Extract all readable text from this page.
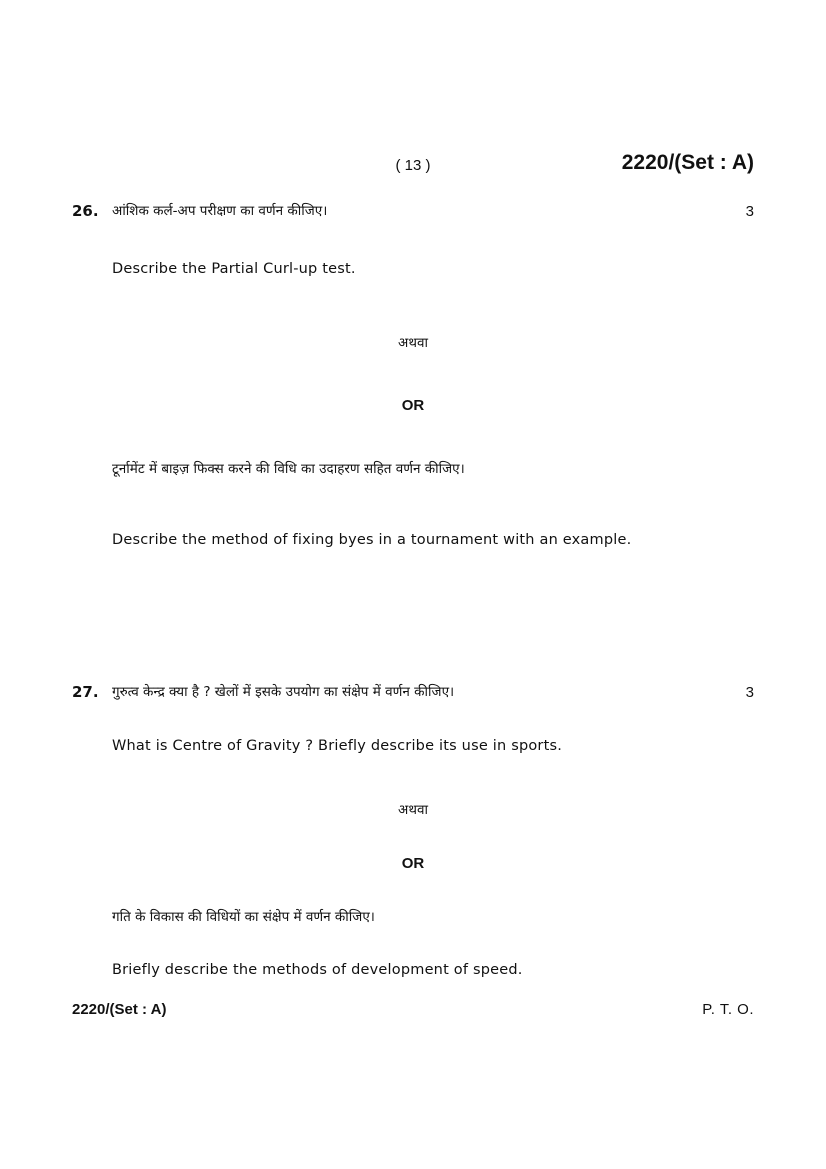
( 13 )	2220/(Set : A)
26. आंशिक कर्ल-अप परीक्षण का वर्णन कीजिए।	3
Describe the Partial Curl-up test.
अथवा
OR
टूर्नामेंट में बाइज़ फिक्स करने की विधि का उदाहरण सहित वर्णन कीजिए।
Describe the method of fixing byes in a tournament with an example.
27. गुरुत्व केन्द्र क्या है ? खेलों में इसके उपयोग का संक्षेप में वर्णन कीजिए।	3
What is Centre of Gravity ? Briefly describe its use in sports.
अथवा
OR
गति के विकास की विधियों का संक्षेप में वर्णन कीजिए।
Briefly describe the methods of development of speed.
2220/(Set : A)	P. T. O.
